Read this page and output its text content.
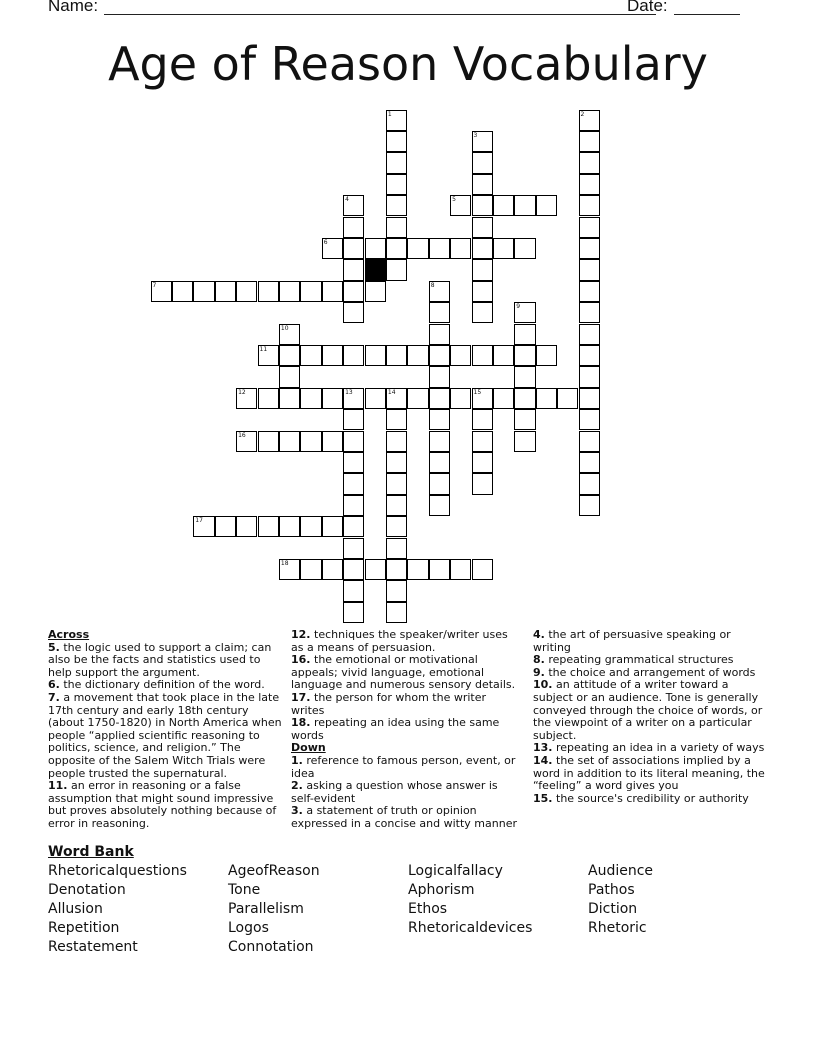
Name:	Date:
Age of Reason Vocabulary
1	2
3
4	5
6
7	8
9
10
11
12	13	14	15
16
17
18

Across

5. the logic used to support a claim; can also be the facts and statistics used to help support the argument.

6. the dictionary definition of the word.

7. a movement that took place in the late 17th century and early 18th century (about 1750-1820) in North America when people “applied scientific reasoning to politics, science, and religion.” The opposite of the Salem Witch Trials were people trusted the supernatural.

11. an error in reasoning or a false assumption that might sound impressive but proves absolutely nothing because of error in reasoning.

12. techniques the speaker/writer uses as a means of persuasion.

16. the emotional or motivational appeals; vivid language, emotional language and numerous sensory details.

17. the person for whom the writer writes

18. repeating an idea using the same words

Down

1. reference to famous person, event, or idea

2. asking a question whose answer is self-evident

3. a statement of truth or opinion expressed in a concise and witty manner

4. the art of persuasive speaking or writing

8. repeating grammatical structures

9. the choice and arrangement of words

10. an attitude of a writer toward a subject or an audience. Tone is generally conveyed through the choice of words, or the viewpoint of a writer on a particular subject.

13. repeating an idea in a variety of ways

14. the set of associations implied by a word in addition to its literal meaning, the “feeling” a word gives you

15. the source's credibility or authority

Word Bank
Rhetoricalquestions
Denotation
Allusion
Repetition
Restatement
AgeofReason
Tone
Parallelism
Logos
Connotation
Logicalfallacy
Aphorism
Ethos
Rhetoricaldevices
Audience
Pathos
Diction
Rhetoric
